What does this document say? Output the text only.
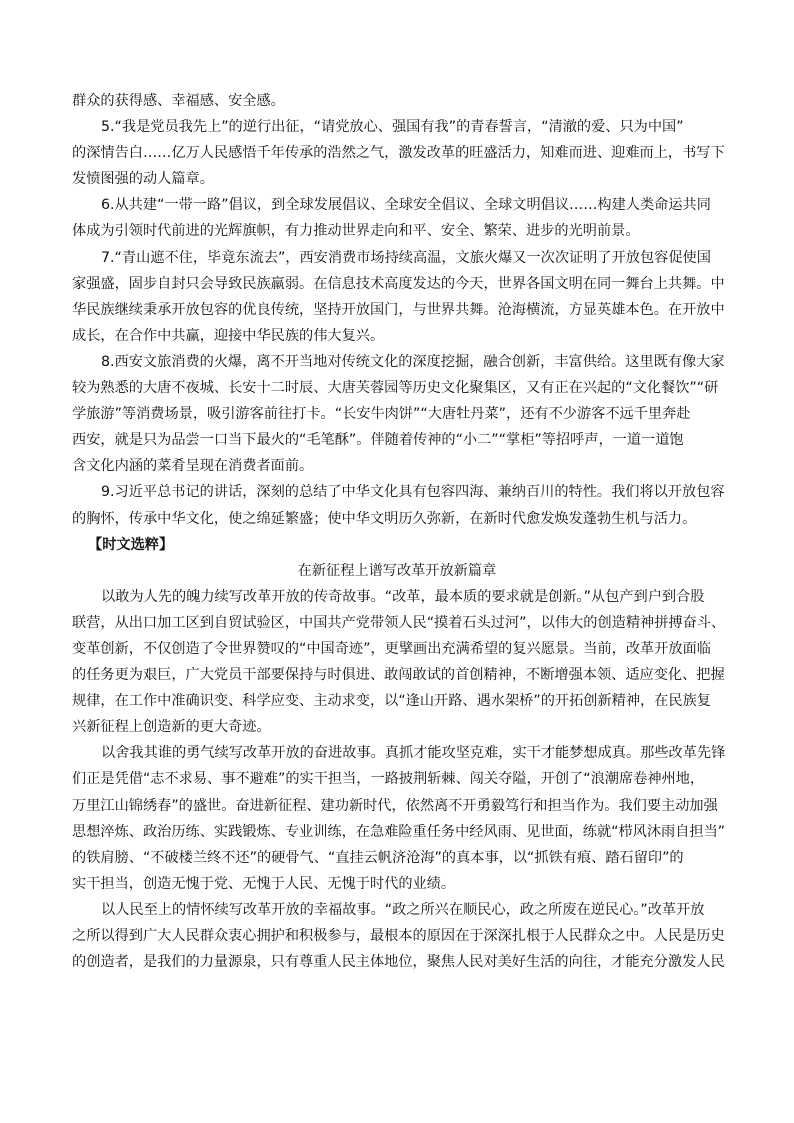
群众的获得感、幸福感、安全感。
5.“我是党员我先上”的逆行出征，“请党放心、强国有我”的青春誓言，“清澈的爱、只为中国”
的深情告白……亿万人民感悟千年传承的浩然之气，激发改革的旺盛活力，知难而进、迎难而上，书写下
发愤图强的动人篇章。
6.从共建“一带一路”倡议，到全球发展倡议、全球安全倡议、全球文明倡议……构建人类命运共同
体成为引领时代前进的光辉旗帜，有力推动世界走向和平、安全、繁荣、进步的光明前景。
7.“青山遮不住，毕竟东流去”，西安消费市场持续高温，文旅火爆又一次次证明了开放包容促使国
家强盛，固步自封只会导致民族羸弱。在信息技术高度发达的今天，世界各国文明在同一舞台上共舞。中
华民族继续秉承开放包容的优良传统，坚持开放国门，与世界共舞。沧海横流，方显英雄本色。在开放中
成长，在合作中共赢，迎接中华民族的伟大复兴。
8.西安文旅消费的火爆，离不开当地对传统文化的深度挖掘，融合创新，丰富供给。这里既有像大家
较为熟悉的大唐不夜城、长安十二时辰、大唐芙蓉园等历史文化聚集区，又有正在兴起的“文化餐饮”“研
学旅游”等消费场景，吸引游客前往打卡。“长安牛肉饼”“大唐牡丹菜”，还有不少游客不远千里奔赴
西安，就是只为品尝一口当下最火的“毛笔酥”。伴随着传神的“小二”“掌柜”等招呼声，一道一道饱
含文化内涵的菜肴呈现在消费者面前。
9.习近平总书记的讲话，深刻的总结了中华文化具有包容四海、兼纳百川的特性。我们将以开放包容
的胸怀，传承中华文化，使之绵延繁盛；使中华文明历久弥新，在新时代愈发焕发蓬勃生机与活力。
【时文选粹】
在新征程上谱写改革开放新篇章
以敢为人先的魄力续写改革开放的传奇故事。“改革，最本质的要求就是创新。”从包产到户到合股
联营，从出口加工区到自贸试验区，中国共产党带领人民“摸着石头过河”，以伟大的创造精神拼搏奋斗、
变革创新，不仅创造了令世界赞叹的“中国奇迹”，更擘画出充满希望的复兴愿景。当前，改革开放面临
的任务更为艰巨，广大党员干部要保持与时俱进、敢闯敢试的首创精神，不断增强本领、适应变化、把握
规律，在工作中准确识变、科学应变、主动求变，以“逢山开路、遇水架桥”的开拓创新精神，在民族复
兴新征程上创造新的更大奇迹。
以舍我其谁的勇气续写改革开放的奋进故事。真抓才能攻坚克难，实干才能梦想成真。那些改革先锋
们正是凭借“志不求易、事不避难”的实干担当，一路披荆斩棘、闯关夺隘，开创了“浪潮席卷神州地，
万里江山锦绣春”的盛世。奋进新征程、建功新时代，依然离不开勇毅笃行和担当作为。我们要主动加强
思想淬炼、政治历练、实践锻炼、专业训练，在急难险重任务中经风雨、见世面，练就“栉风沐雨自担当”
的铁肩膀、“不破楼兰终不还”的硬骨气、“直挂云帆济沧海”的真本事，以“抓铁有痕、踏石留印”的
实干担当，创造无愧于党、无愧于人民、无愧于时代的业绩。
以人民至上的情怀续写改革开放的幸福故事。“政之所兴在顺民心，政之所废在逆民心。”改革开放
之所以得到广大人民群众衷心拥护和积极参与，最根本的原因在于深深扎根于人民群众之中。人民是历史
的创造者，是我们的力量源泉，只有尊重人民主体地位，聚焦人民对美好生活的向往，才能充分激发人民
